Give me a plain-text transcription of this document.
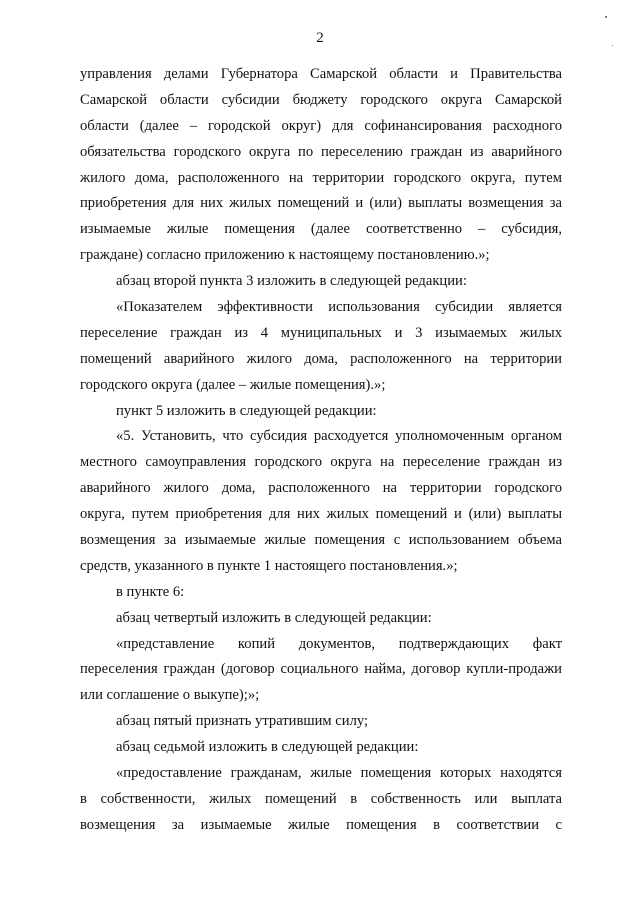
2
управления делами Губернатора Самарской области и Правительства
Самарской области субсидии бюджету городского округа Самарской
области (далее – городской округ) для софинансирования расходного
обязательства городского округа по переселению граждан из аварийного
жилого дома, расположенного на территории городского округа, путем
приобретения для них жилых помещений и (или) выплаты возмещения за
изымаемые жилые помещения (далее соответственно – субсидия,
граждане) согласно приложению к настоящему постановлению.»;
абзац второй пункта 3 изложить в следующей редакции:
«Показателем эффективности использования субсидии является
переселение граждан из 4 муниципальных и 3 изымаемых жилых
помещений аварийного жилого дома, расположенного на территории
городского округа (далее – жилые помещения).»;
пункт 5 изложить в следующей редакции:
«5. Установить, что субсидия расходуется уполномоченным органом
местного самоуправления городского округа на переселение граждан из
аварийного жилого дома, расположенного на территории городского
округа, путем приобретения для них жилых помещений и (или) выплаты
возмещения за изымаемые жилые помещения с использованием объема
средств, указанного в пункте 1 настоящего постановления.»;
в пункте 6:
абзац четвертый изложить в следующей редакции:
«представление копий документов, подтверждающих факт
переселения граждан (договор социального найма, договор купли-продажи
или соглашение о выкупе);»;
абзац пятый признать утратившим силу;
абзац седьмой изложить в следующей редакции:
«предоставление гражданам, жилые помещения которых находятся
в собственности, жилых помещений в собственность или выплата
возмещения за изымаемые жилые помещения в соответствии с
